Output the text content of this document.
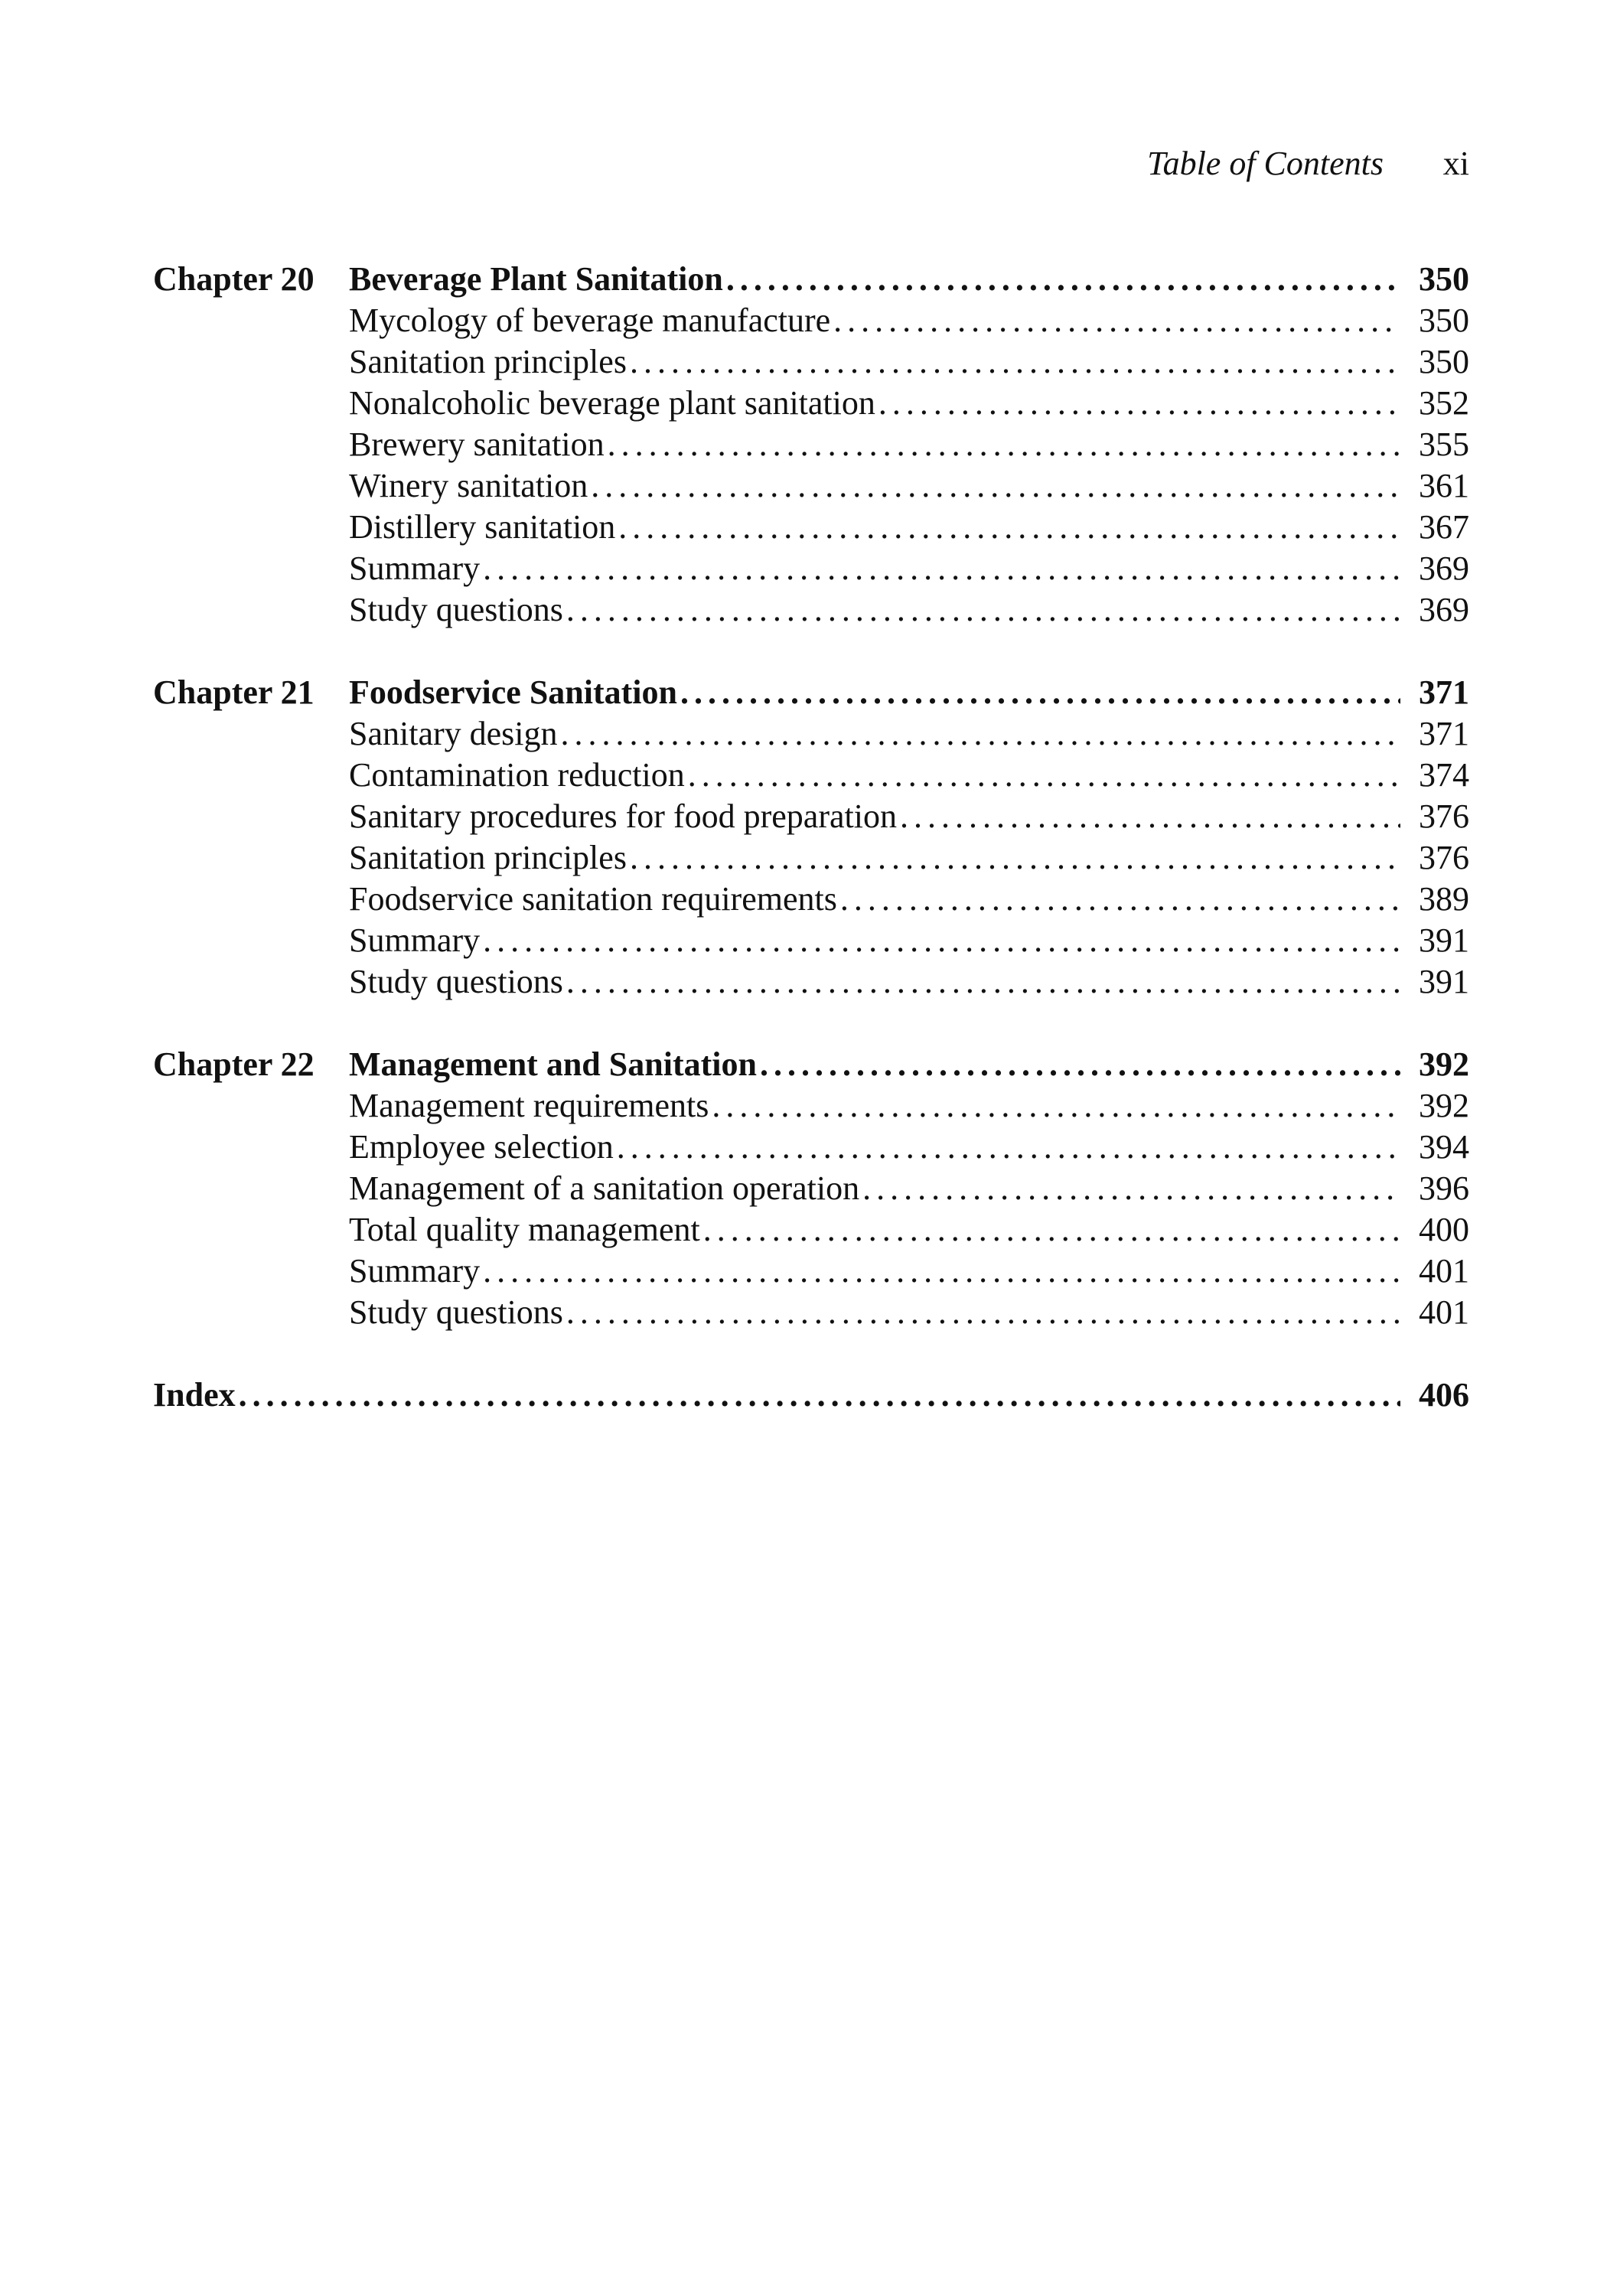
Table of Contents xi
Chapter 20	Beverage Plant Sanitation . . .	350
Mycology of beverage manufacture . . .	350
Sanitation principles . . .	350
Nonalcoholic beverage plant sanitation . . .	352
Brewery sanitation . . .	355
Winery sanitation . . .	361
Distillery sanitation . . .	367
Summary . . .	369
Study questions . . .	369
Chapter 21	Foodservice Sanitation . . .	371
Sanitary design . . .	371
Contamination reduction . . .	374
Sanitary procedures for food preparation . . .	376
Sanitation principles . . .	376
Foodservice sanitation requirements . . .	389
Summary . . .	391
Study questions . . .	391
Chapter 22	Management and Sanitation . . .	392
Management requirements . . .	392
Employee selection . . .	394
Management of a sanitation operation . . .	396
Total quality management . . .	400
Summary . . .	401
Study questions . . .	401
Index . . .	406
